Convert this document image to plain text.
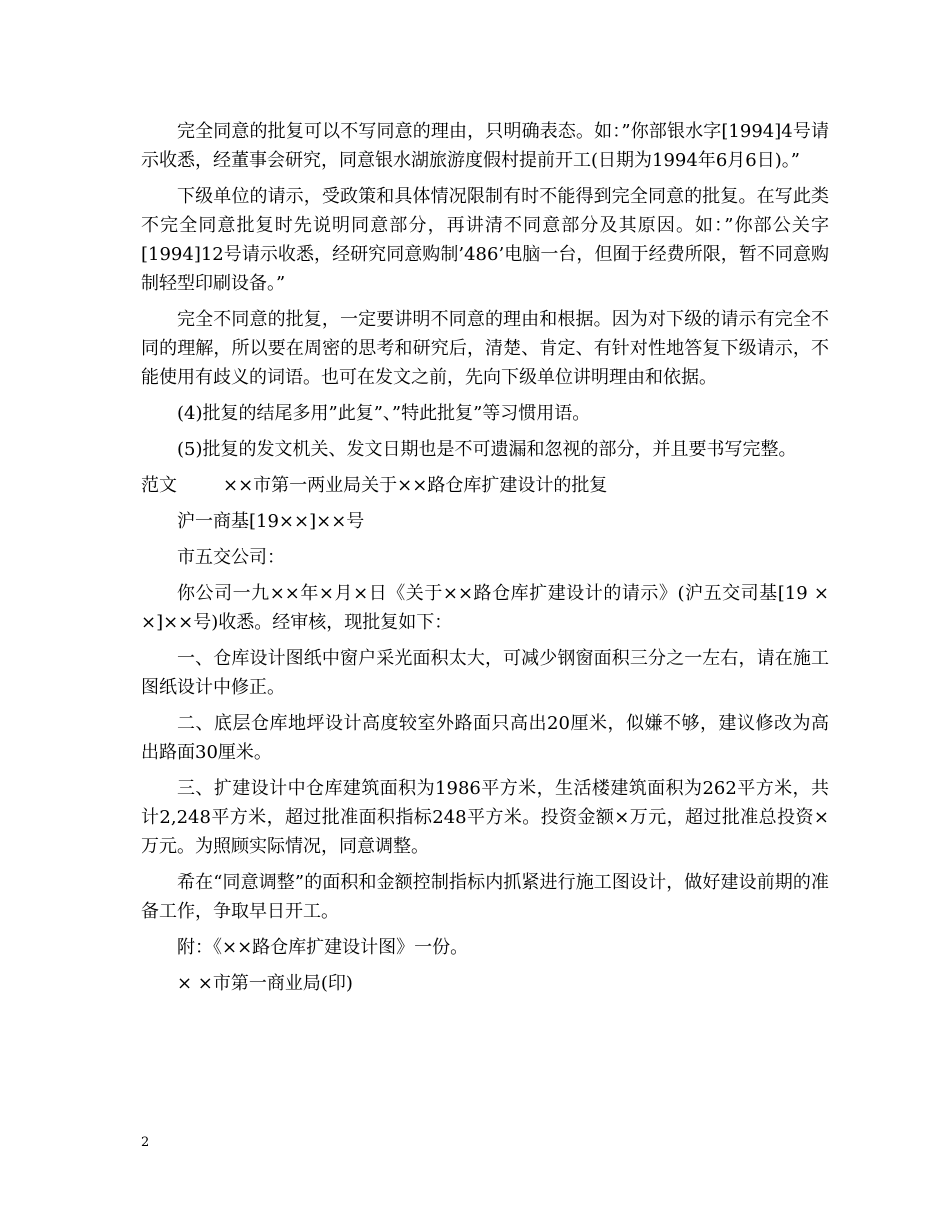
完全同意的批复可以不写同意的理由，只明确表态。如：”你部银水字[1994]4号请示收悉，经董事会研究，同意银水湖旅游度假村提前开工(日期为1994年6月6日)。”

下级单位的请示，受政策和具体情况限制有时不能得到完全同意的批复。在写此类不完全同意批复时先说明同意部分，再讲清不同意部分及其原因。如：”你部公关字[1994]12号请示收悉，经研究同意购制’486’电脑一台，但囿于经费所限，暂不同意购制轻型印刷设备。”

完全不同意的批复，一定要讲明不同意的理由和根据。因为对下级的请示有完全不同的理解，所以要在周密的思考和研究后，清楚、肯定、有针对性地答复下级请示，不能使用有歧义的词语。也可在发文之前，先向下级单位讲明理由和依据。

(4)批复的结尾多用”此复”、”特此批复”等习惯用语。

(5)批复的发文机关、发文日期也是不可遗漏和忽视的部分，并且要书写完整。

范文	××市第一两业局关于××路仓库扩建设计的批复

沪一商基[19××]××号

市五交公司：

你公司一九××年×月×日《关于××路仓库扩建设计的请示》(沪五交司基[19 × ×]××号)收悉。经审核，现批复如下：

一、仓库设计图纸中窗户采光面积太大，可减少钢窗面积三分之一左右，请在施工图纸设计中修正。

二、底层仓库地坪设计高度较室外路面只高出20厘米，似嫌不够，建议修改为高出路面30厘米。

三、扩建设计中仓库建筑面积为1986平方米，生活楼建筑面积为262平方米，共计2,248平方米，超过批准面积指标248平方米。投资金额×万元，超过批准总投资×万元。为照顾实际情况，同意调整。

希在“同意调整”的面积和金额控制指标内抓紧进行施工图设计，做好建设前期的准备工作，争取早日开工。

附：《××路仓库扩建设计图》一份。

× ×市第一商业局(印)

2
